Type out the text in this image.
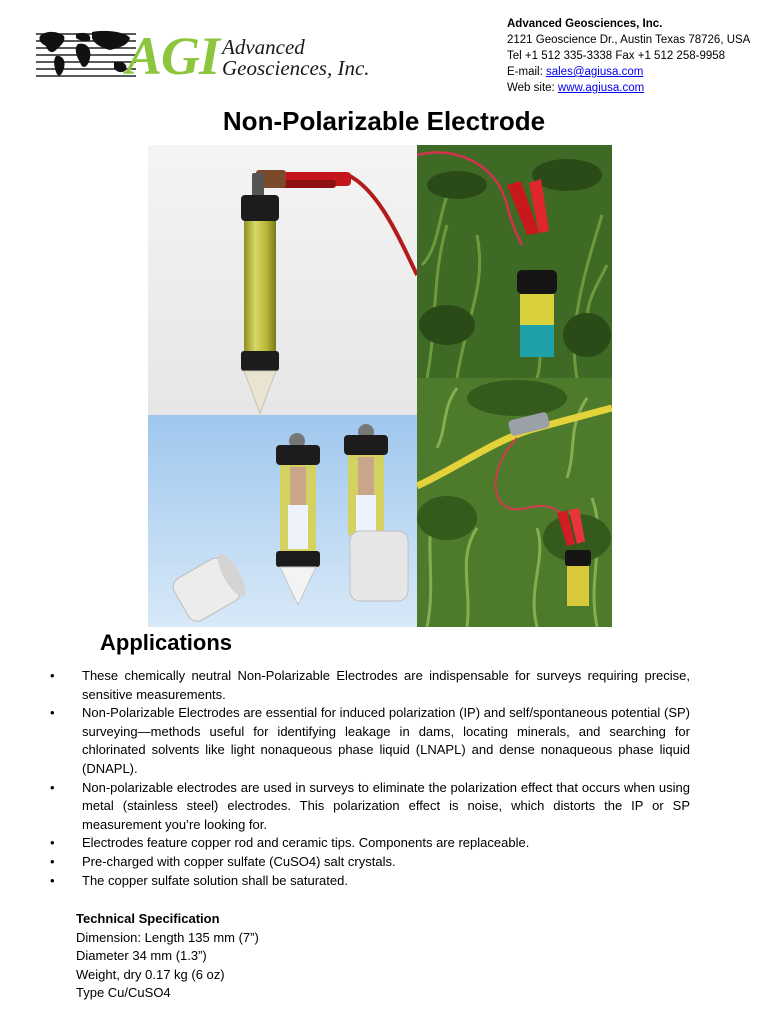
AGI Advanced
Geosciences, Inc.
Advanced Geosciences, Inc.
2121 Geoscience Dr., Austin Texas 78726, USA
Tel +1 512 335-3338 Fax +1 512 258-9958
E-mail: sales@agiusa.com
Web site: www.agiusa.com
Non-Polarizable Electrode
Applications
• These chemically neutral Non-Polarizable Electrodes are indispensable for surveys requiring precise, sensitive measurements.
• Non-Polarizable Electrodes are essential for induced polarization (IP) and self/spontaneous potential (SP) surveying—methods useful for identifying leakage in dams, locating minerals, and searching for chlorinated solvents like light nonaqueous phase liquid (LNAPL) and dense nonaqueous phase liquid (DNAPL).
• Non-polarizable electrodes are used in surveys to eliminate the polarization effect that occurs when using metal (stainless steel) electrodes. This polarization effect is noise, which distorts the IP or SP measurement you’re looking for.
• Electrodes feature copper rod and ceramic tips. Components are replaceable.
• Pre-charged with copper sulfate (CuSO4) salt crystals.
• The copper sulfate solution shall be saturated.
Technical Specification
Dimension: Length 135 mm (7”)
Diameter 34 mm (1.3”)
Weight, dry 0.17 kg (6 oz)
Type Cu/CuSO4
